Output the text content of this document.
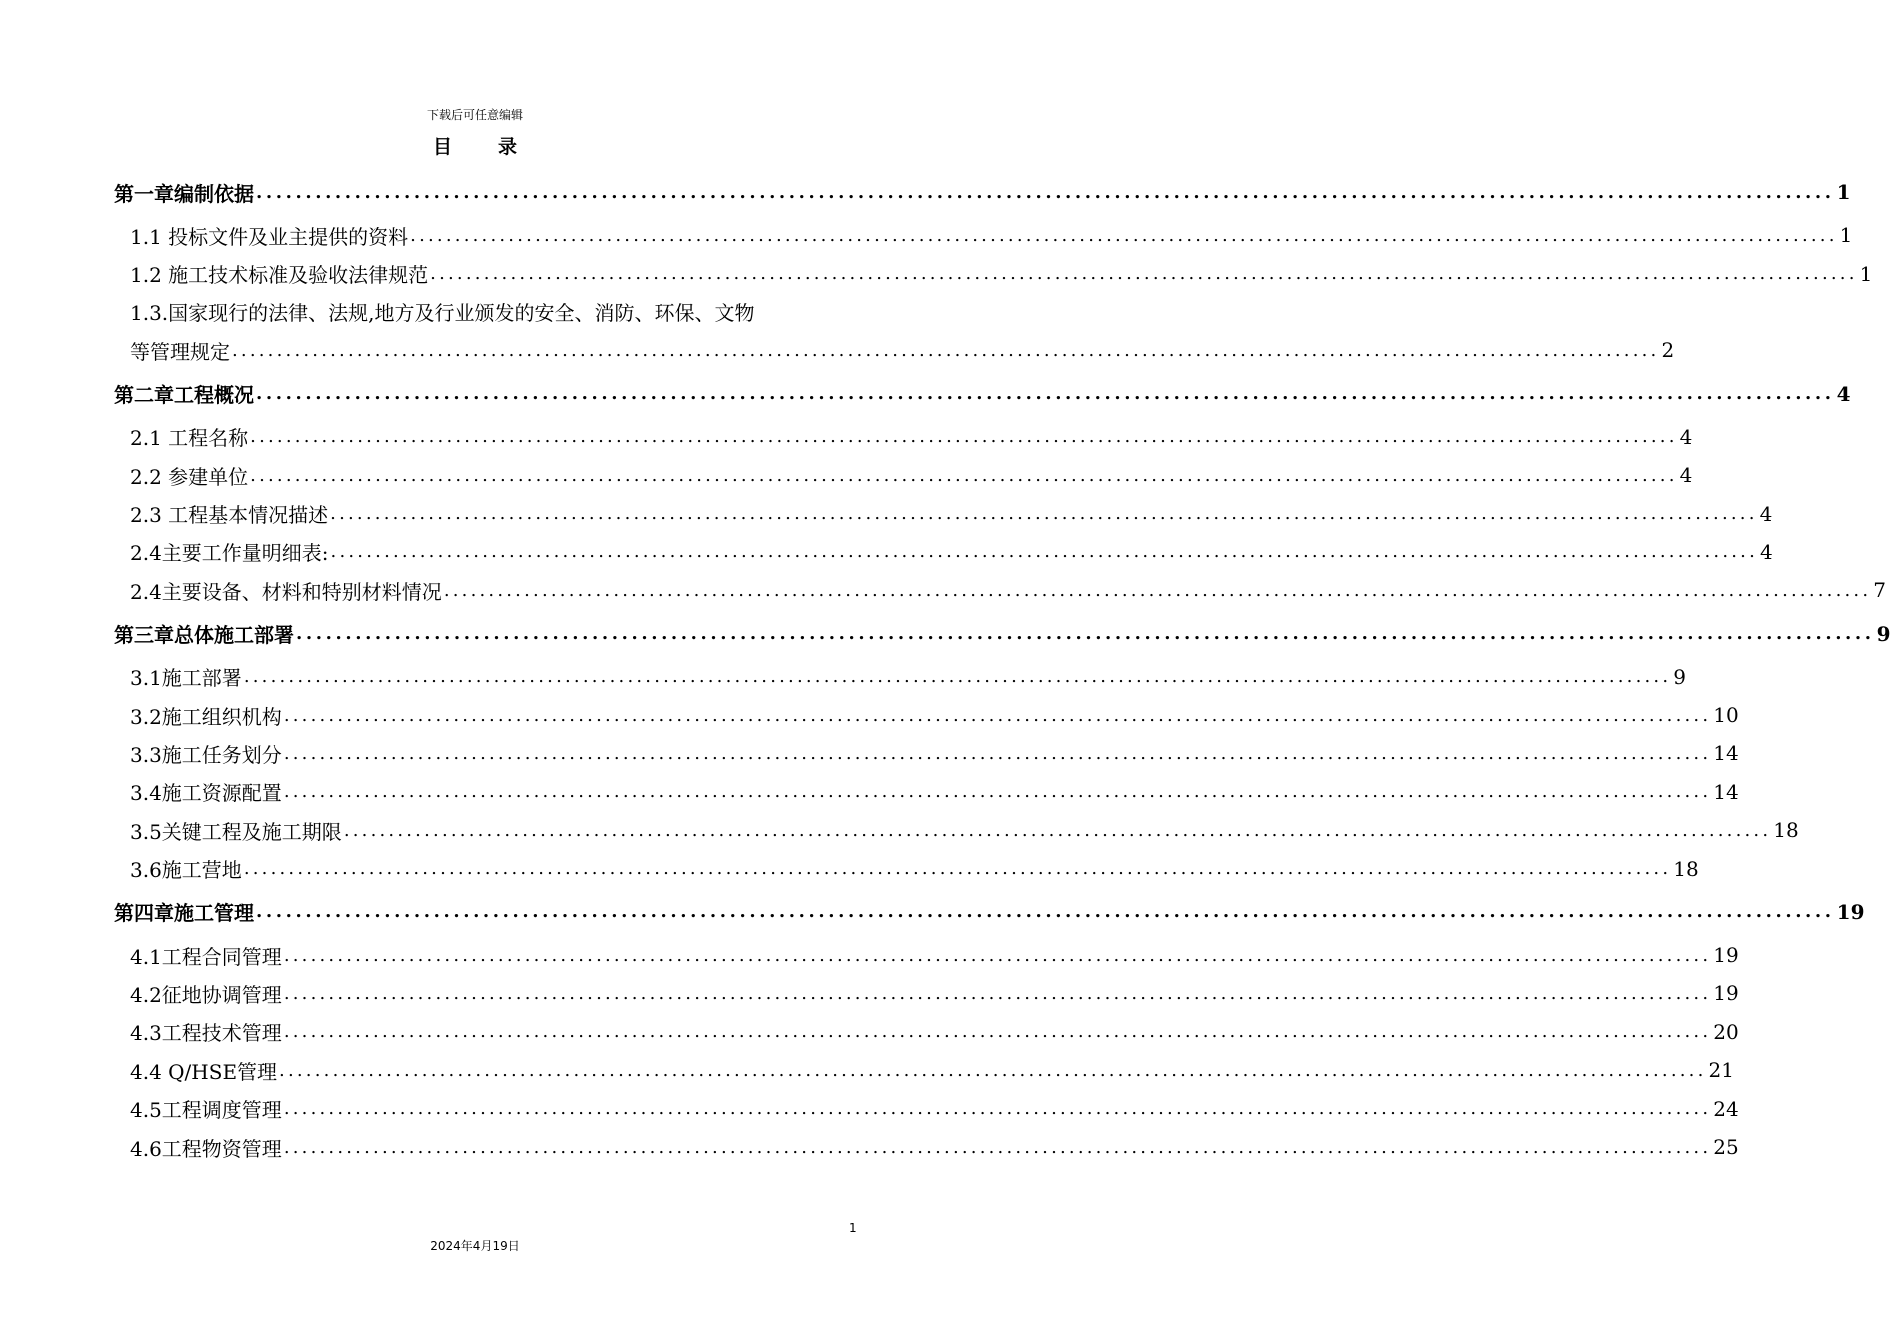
下载后可任意编辑
目 录
第一章 编制依据 ................................................................................................................................................................ 1
1.1 投标文件及业主提供的资料 ................................................................................................................................................................ 1
1.2 施工技术标准及验收法律规范 ................................................................................................................................................................ 1
1.3.国家现行的法律、法规,地方及行业颁发的安全、消防、环保、文物
等管理规定 ................................................................................................................................................................ 2
第二章 工程概况 ................................................................................................................................................................ 4
2.1 工程名称 ................................................................................................................................................................ 4
2.2 参建单位 ................................................................................................................................................................ 4
2.3 工程基本情况描述 ................................................................................................................................................................ 4
2.4主要工作量明细表: ................................................................................................................................................................ 4
2.4主要设备、材料和特别材料情况 ................................................................................................................................................................ 7
第三章 总体施工部署 ................................................................................................................................................................ 9
3.1施工部署 ................................................................................................................................................................ 9
3.2施工组织机构 ................................................................................................................................................................ 10
3.3施工任务划分 ................................................................................................................................................................ 14
3.4施工资源配置 ................................................................................................................................................................ 14
3.5关键工程及施工期限 ................................................................................................................................................................ 18
3.6施工营地 ................................................................................................................................................................ 18
第四章 施工管理 ................................................................................................................................................................ 19
4.1工程合同管理 ................................................................................................................................................................ 19
4.2征地协调管理 ................................................................................................................................................................ 19
4.3工程技术管理 ................................................................................................................................................................ 20
4.4 Q/HSE管理 ................................................................................................................................................................ 21
4.5工程调度管理 ................................................................................................................................................................ 24
4.6工程物资管理 ................................................................................................................................................................ 25
1
2024年4月19日
